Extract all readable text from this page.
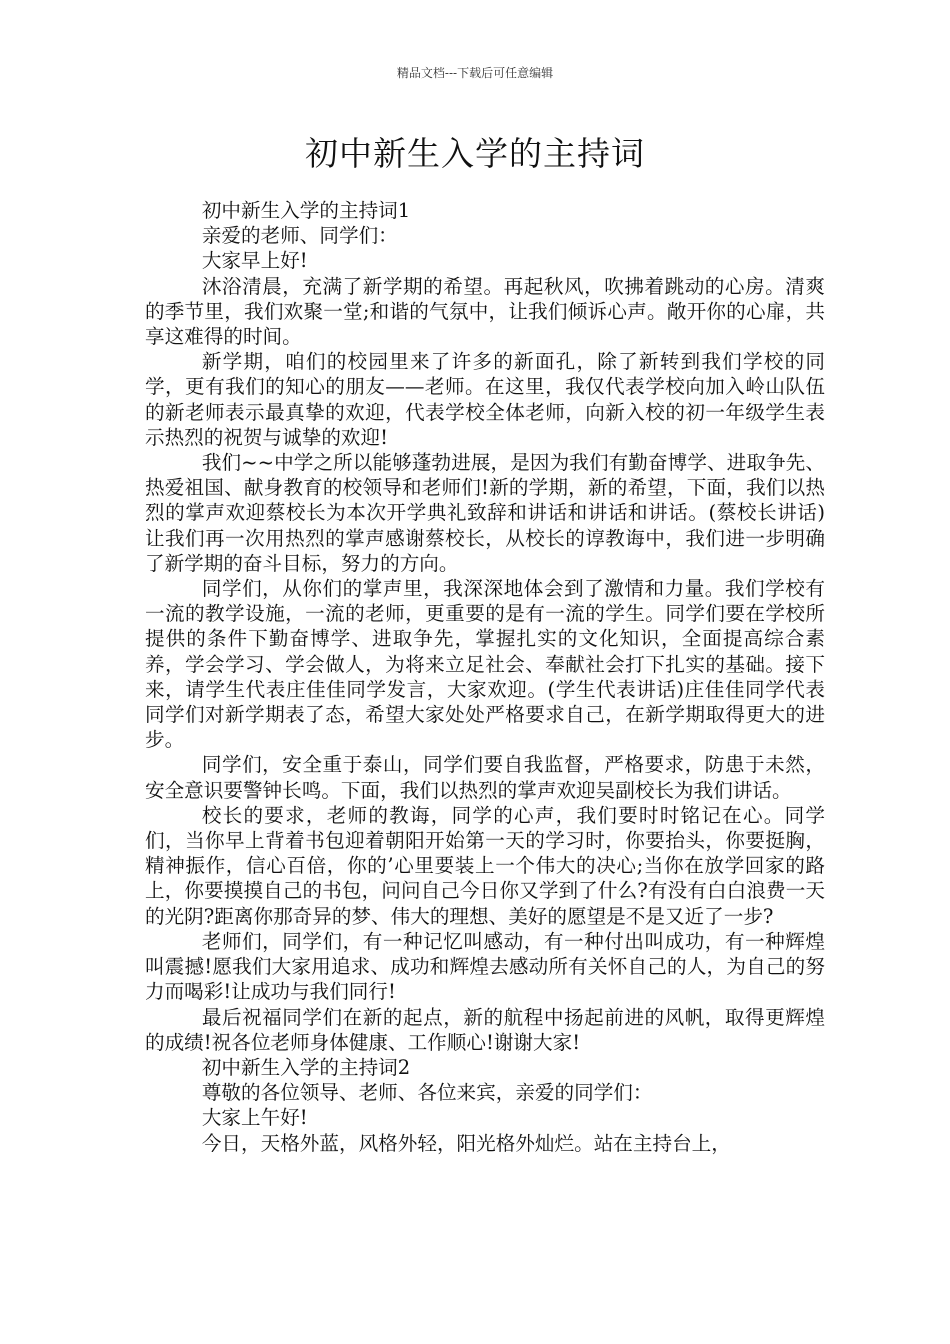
精品文档---下载后可任意编辑
初中新生入学的主持词

初中新生入学的主持词1

亲爱的老师、同学们：

大家早上好!

沐浴清晨，充满了新学期的希望。再起秋风，吹拂着跳动的心房。清爽的季节里，我们欢聚一堂;和谐的气氛中，让我们倾诉心声。敞开你的心扉，共享这难得的时间。

新学期，咱们的校园里来了许多的新面孔，除了新转到我们学校的同学，更有我们的知心的朋友——老师。在这里，我仅代表学校向加入岭山队伍的新老师表示最真挚的欢迎，代表学校全体老师，向新入校的初一年级学生表示热烈的祝贺与诚挚的欢迎!

我们~~中学之所以能够蓬勃进展，是因为我们有勤奋博学、进取争先、热爱祖国、献身教育的校领导和老师们!新的学期，新的希望，下面，我们以热烈的掌声欢迎蔡校长为本次开学典礼致辞和讲话和讲话和讲话。(蔡校长讲话)让我们再一次用热烈的掌声感谢蔡校长，从校长的谆教诲中，我们进一步明确了新学期的奋斗目标，努力的方向。

同学们，从你们的掌声里，我深深地体会到了激情和力量。我们学校有一流的教学设施，一流的老师，更重要的是有一流的学生。同学们要在学校所提供的条件下勤奋博学、进取争先，掌握扎实的文化知识，全面提高综合素养，学会学习、学会做人，为将来立足社会、奉献社会打下扎实的基础。接下来，请学生代表庄佳佳同学发言，大家欢迎。(学生代表讲话)庄佳佳同学代表同学们对新学期表了态，希望大家处处严格要求自己，在新学期取得更大的进步。

同学们，安全重于泰山，同学们要自我监督，严格要求，防患于未然，安全意识要警钟长鸣。下面，我们以热烈的掌声欢迎吴副校长为我们讲话。

校长的要求，老师的教诲，同学的心声，我们要时时铭记在心。同学们，当你早上背着书包迎着朝阳开始第一天的学习时，你要抬头，你要挺胸，精神振作，信心百倍，你的’心里要装上一个伟大的决心;当你在放学回家的路上，你要摸摸自己的书包，问问自己今日你又学到了什么?有没有白白浪费一天的光阴?距离你那奇异的梦、伟大的理想、美好的愿望是不是又近了一步?

老师们，同学们，有一种记忆叫感动，有一种付出叫成功，有一种辉煌叫震撼!愿我们大家用追求、成功和辉煌去感动所有关怀自己的人，为自己的努力而喝彩!让成功与我们同行!

最后祝福同学们在新的起点，新的航程中扬起前进的风帆，取得更辉煌的成绩!祝各位老师身体健康、工作顺心!谢谢大家!

初中新生入学的主持词2

尊敬的各位领导、老师、各位来宾，亲爱的同学们：

大家上午好!

今日，天格外蓝，风格外轻，阳光格外灿烂。站在主持台上，
